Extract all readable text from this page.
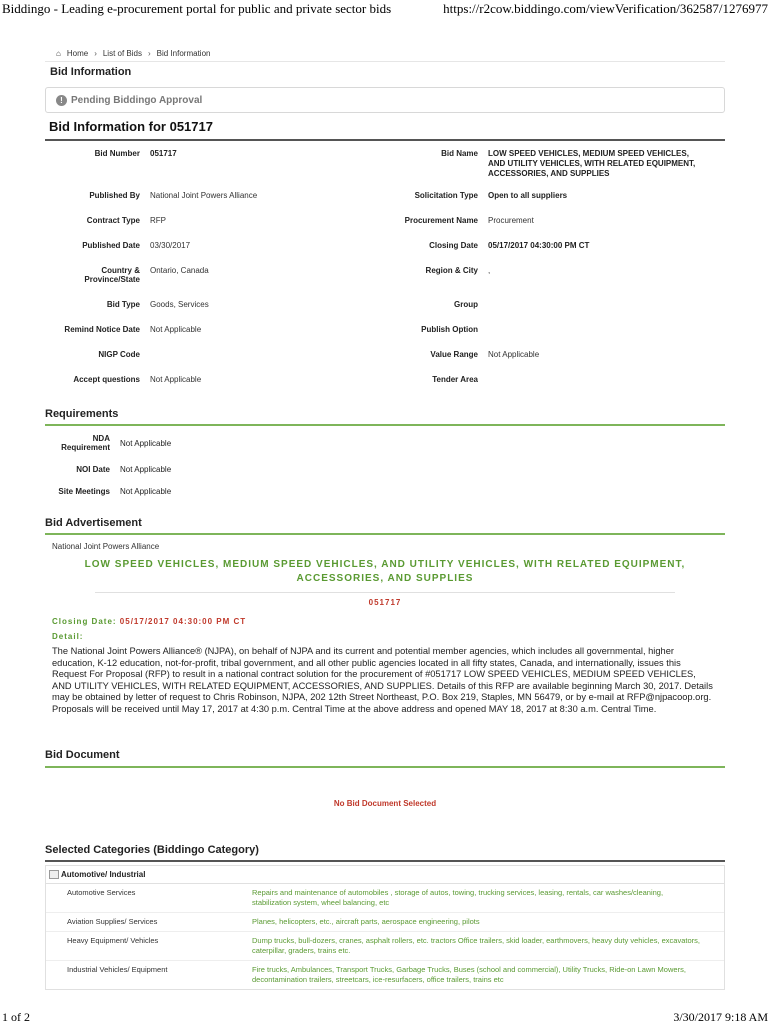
Biddingo - Leading e-procurement portal for public and private sector bids	https://r2cow.biddingo.com/viewVerification/362587/1276977
⌂ Home › List of Bids › Bid Information
Bid Information
! Pending Biddingo Approval
Bid Information for 051717
Bid Number	051717	Bid Name	LOW SPEED VEHICLES, MEDIUM SPEED VEHICLES, AND UTILITY VEHICLES, WITH RELATED EQUIPMENT, ACCESSORIES, AND SUPPLIES
Published By	National Joint Powers Alliance	Solicitation Type	Open to all suppliers
Contract Type	RFP	Procurement Name	Procurement
Published Date	03/30/2017	Closing Date	05/17/2017 04:30:00 PM CT
Country & Province/State	Ontario, Canada	Region & City	,
Bid Type	Goods, Services	Group	
Remind Notice Date	Not Applicable	Publish Option	
NIGP Code		Value Range	Not Applicable
Accept questions	Not Applicable	Tender Area	
Requirements
NDA Requirement	Not Applicable
NOI Date	Not Applicable
Site Meetings	Not Applicable
Bid Advertisement
National Joint Powers Alliance
LOW SPEED VEHICLES, MEDIUM SPEED VEHICLES, AND UTILITY VEHICLES, WITH RELATED EQUIPMENT, ACCESSORIES, AND SUPPLIES
051717
Closing Date: 05/17/2017 04:30:00 PM CT
Detail:
The National Joint Powers Alliance® (NJPA), on behalf of NJPA and its current and potential member agencies, which includes all governmental, higher education, K-12 education, not-for-profit, tribal government, and all other public agencies located in all fifty states, Canada, and internationally, issues this Request For Proposal (RFP) to result in a national contract solution for the procurement of #051717 LOW SPEED VEHICLES, MEDIUM SPEED VEHICLES, AND UTILITY VEHICLES, WITH RELATED EQUIPMENT, ACCESSORIES, AND SUPPLIES. Details of this RFP are available beginning March 30, 2017. Details may be obtained by letter of request to Chris Robinson, NJPA, 202 12th Street Northeast, P.O. Box 219, Staples, MN 56479, or by e-mail at RFP@njpacoop.org. Proposals will be received until May 17, 2017 at 4:30 p.m. Central Time at the above address and opened MAY 18, 2017 at 8:30 a.m. Central Time.
Bid Document
No Bid Document Selected
Selected Categories (Biddingo Category)
Automotive/ Industrial
Automotive Services	Repairs and maintenance of automobiles , storage of autos, towing, trucking services, leasing, rentals, car washes/cleaning, stabilization system, wheel balancing, etc
Aviation Supplies/ Services	Planes, helicopters, etc., aircraft parts, aerospace engineering, pilots
Heavy Equipment/ Vehicles	Dump trucks, bull-dozers, cranes, asphalt rollers, etc. tractors Office trailers, skid loader, earthmovers, heavy duty vehicles, excavators, caterpillar, graders, trains etc.
Industrial Vehicles/ Equipment	Fire trucks, Ambulances, Transport Trucks, Garbage Trucks, Buses (school and commercial), Utility Trucks, Ride-on Lawn Mowers, decontamination trailers, streetcars, ice-resurfacers, office trailers, trains etc
1 of 2	3/30/2017 9:18 AM
